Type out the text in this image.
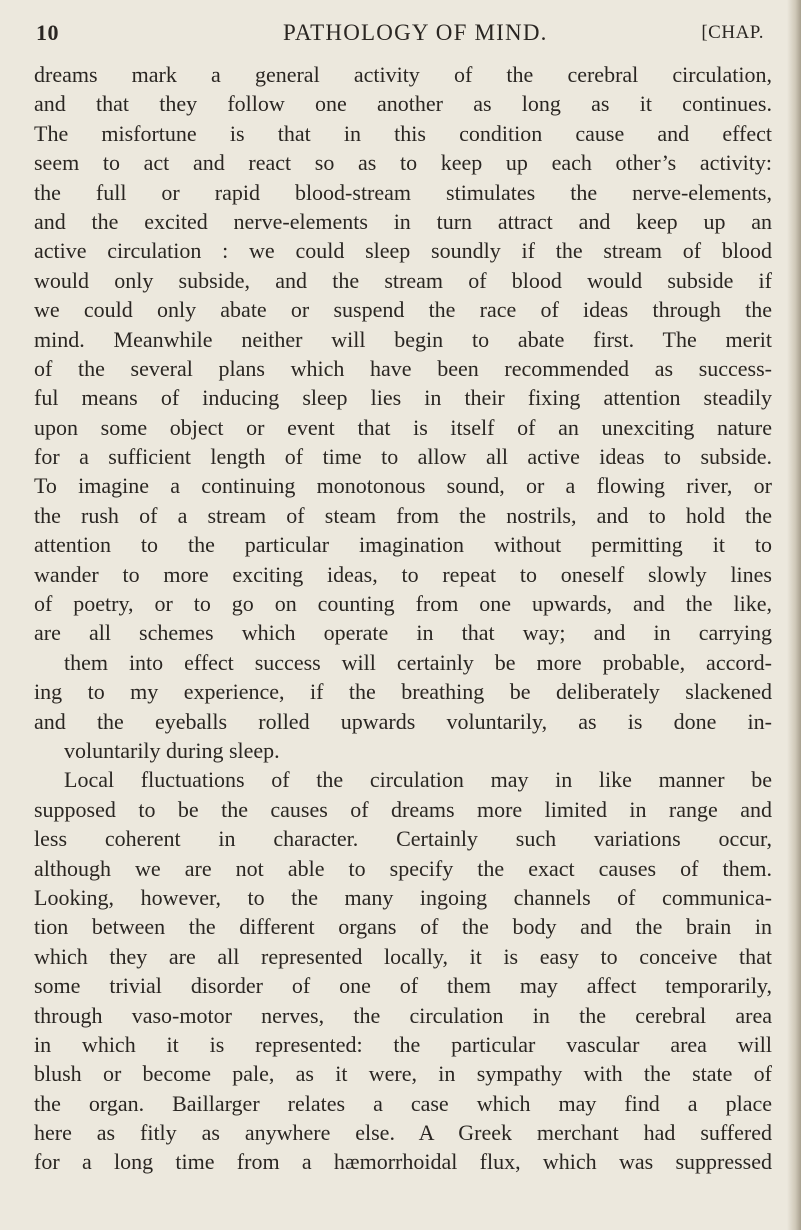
10	PATHOLOGY OF MIND.	[CHAP.
dreams mark a general activity of the cerebral circulation,
and that they follow one another as long as it continues.
The misfortune is that in this condition cause and effect
seem to act and react so as to keep up each other’s activity:
the full or rapid blood-stream stimulates the nerve-elements,
and the excited nerve-elements in turn attract and keep up an
active circulation : we could sleep soundly if the stream of blood
would only subside, and the stream of blood would subside if
we could only abate or suspend the race of ideas through the
mind. Meanwhile neither will begin to abate first. The merit
of the several plans which have been recommended as success-
ful means of inducing sleep lies in their fixing attention steadily
upon some object or event that is itself of an unexciting nature
for a sufficient length of time to allow all active ideas to subside.
To imagine a continuing monotonous sound, or a flowing river, or
the rush of a stream of steam from the nostrils, and to hold the
attention to the particular imagination without permitting it to
wander to more exciting ideas, to repeat to oneself slowly lines
of poetry, or to go on counting from one upwards, and the like,
are all schemes which operate in that way; and in carrying
them into effect success will certainly be more probable, accord-
ing to my experience, if the breathing be deliberately slackened
and the eyeballs rolled upwards voluntarily, as is done in-
voluntarily during sleep.
Local fluctuations of the circulation may in like manner be
supposed to be the causes of dreams more limited in range and
less coherent in character. Certainly such variations occur,
although we are not able to specify the exact causes of them.
Looking, however, to the many ingoing channels of communica-
tion between the different organs of the body and the brain in
which they are all represented locally, it is easy to conceive that
some trivial disorder of one of them may affect temporarily,
through vaso-motor nerves, the circulation in the cerebral area
in which it is represented: the particular vascular area will
blush or become pale, as it were, in sympathy with the state of
the organ. Baillarger relates a case which may find a place
here as fitly as anywhere else. A Greek merchant had suffered
for a long time from a hæmorrhoidal flux, which was suppressed
